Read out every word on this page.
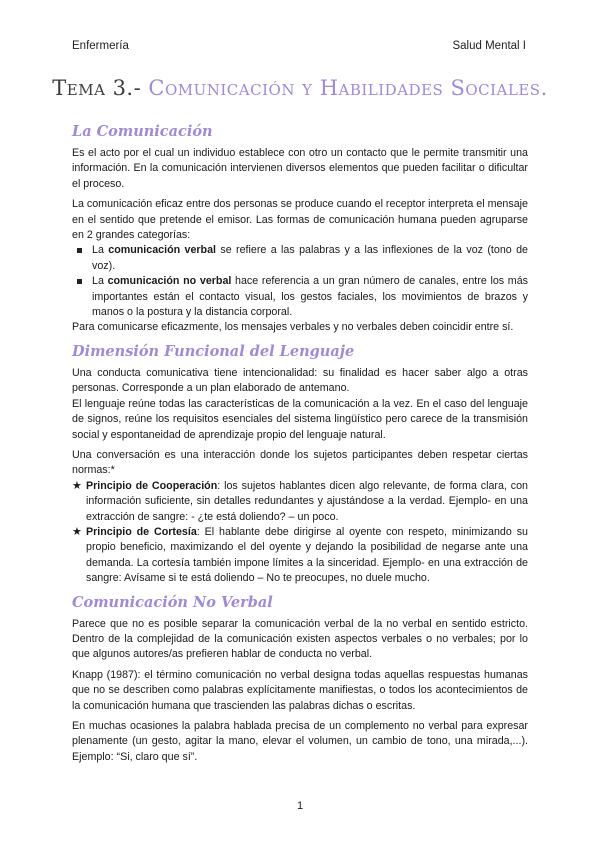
Enfermería	Salud Mental I
Tema 3.- Comunicación y Habilidades Sociales.
La Comunicación

Es el acto por el cual un individuo establece con otro un contacto que le permite transmitir una información. En la comunicación intervienen diversos elementos que pueden facilitar o dificultar el proceso.

La comunicación eficaz entre dos personas se produce cuando el receptor interpreta el mensaje en el sentido que pretende el emisor. Las formas de comunicación humana pueden agruparse en 2 grandes categorías:

La comunicación verbal se refiere a las palabras y a las inflexiones de la voz (tono de voz).
La comunicación no verbal hace referencia a un gran número de canales, entre los más importantes están el contacto visual, los gestos faciales, los movimientos de brazos y manos o la postura y la distancia corporal.

Para comunicarse eficazmente, los mensajes verbales y no verbales deben coincidir entre sí.

Dimensión Funcional del Lenguaje

Una conducta comunicativa tiene intencionalidad: su finalidad es hacer saber algo a otras personas. Corresponde a un plan elaborado de antemano.

El lenguaje reúne todas las características de la comunicación a la vez. En el caso del lenguaje de signos, reúne los requisitos esenciales del sistema lingüístico pero carece de la transmisión social y espontaneidad de aprendizaje propio del lenguaje natural.

Una conversación es una interacción donde los sujetos participantes deben respetar ciertas normas:*

★ Principio de Cooperación: los sujetos hablantes dicen algo relevante, de forma clara, con información suficiente, sin detalles redundantes y ajustándose a la verdad. Ejemplo- en una extracción de sangre: - ¿te está doliendo? – un poco.
★ Principio de Cortesía: El hablante debe dirigirse al oyente con respeto, minimizando su propio beneficio, maximizando el del oyente y dejando la posibilidad de negarse ante una demanda. La cortesía también impone límites a la sinceridad. Ejemplo- en una extracción de sangre: Avísame si te está doliendo – No te preocupes, no duele mucho.
Comunicación No Verbal

Parece que no es posible separar la comunicación verbal de la no verbal en sentido estricto. Dentro de la complejidad de la comunicación existen aspectos verbales o no verbales; por lo que algunos autores/as prefieren hablar de conducta no verbal.

Knapp (1987): el término comunicación no verbal designa todas aquellas respuestas humanas que no se describen como palabras explícitamente manifiestas, o todos los acontecimientos de la comunicación humana que trascienden las palabras dichas o escritas.

En muchas ocasiones la palabra hablada precisa de un complemento no verbal para expresar plenamente (un gesto, agitar la mano, elevar el volumen, un cambio de tono, una mirada,...). Ejemplo: “Si, claro que sí”.

1
